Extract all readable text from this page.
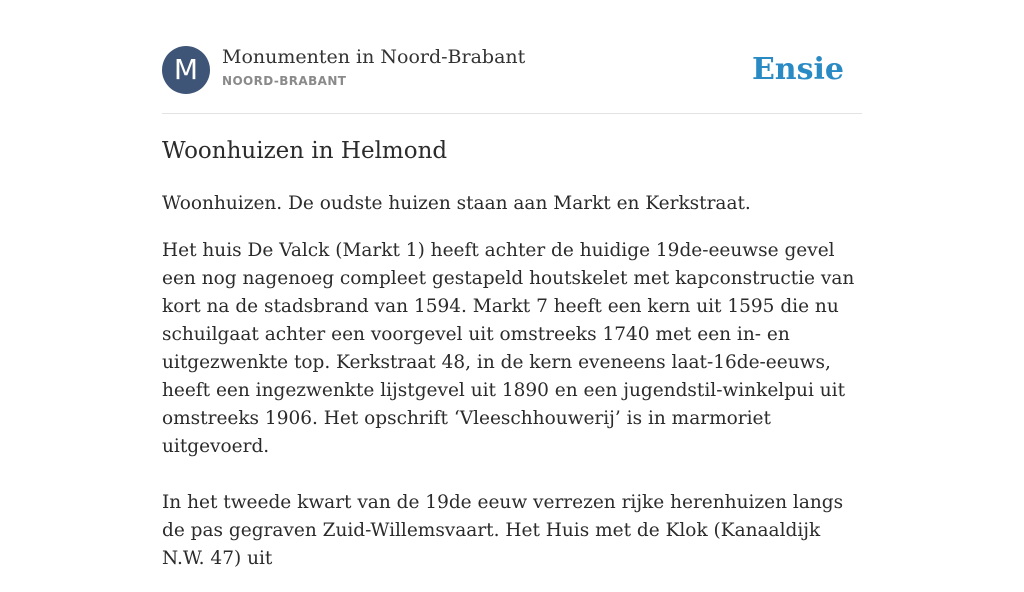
M	Monumenten in Noord-Brabant
NOORD-BRABANT	Ensie
Woonhuizen in Helmond

Woonhuizen. De oudste huizen staan aan Markt en Kerkstraat.

Het huis De Valck (Markt 1) heeft achter de huidige 19de-eeuwse gevel een nog nagenoeg compleet gestapeld houtskelet met kapconstructie van kort na de stadsbrand van 1594. Markt 7 heeft een kern uit 1595 die nu schuilgaat achter een voorgevel uit omstreeks 1740 met een in- en uitgezwenkte top. Kerkstraat 48, in de kern eveneens laat-16de-eeuws, heeft een ingezwenkte lijstgevel uit 1890 en een jugendstil-winkelpui uit omstreeks 1906. Het opschrift ‘Vleeschhouwerij’ is in marmoriet uitgevoerd.

In het tweede kwart van de 19de eeuw verrezen rijke herenhuizen langs de pas gegraven Zuid-Willemsvaart. Het Huis met de Klok (Kanaaldijk N.W. 47) uit
